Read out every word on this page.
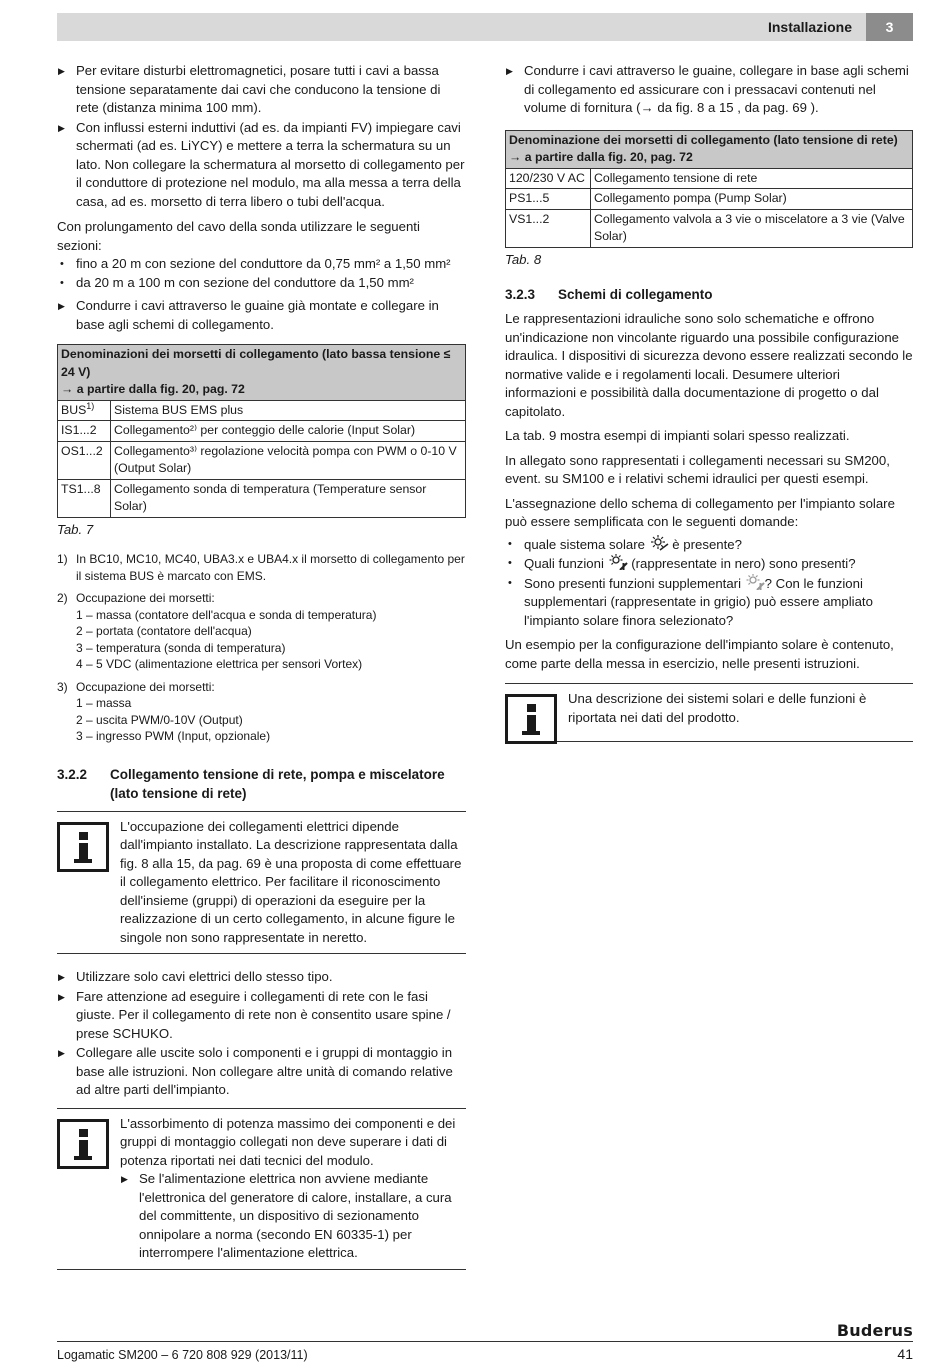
Installazione	3

▶ Per evitare disturbi elettromagnetici, posare tutti i cavi a bassa tensione separatamente dai cavi che conducono la tensione di rete (distanza minima 100 mm).

▶ Con influssi esterni induttivi (ad es. da impianti FV) impiegare cavi schermati (ad es. LiYCY) e mettere a terra la schermatura su un lato. Non collegare la schermatura al morsetto di collegamento per il conduttore di protezione nel modulo, ma alla messa a terra della casa, ad es. morsetto di terra libero o tubi dell'acqua.

Con prolungamento del cavo della sonda utilizzare le seguenti sezioni:

• fino a 20 m con sezione del conduttore da 0,75 mm² a 1,50 mm²

• da 20 m a 100 m con sezione del conduttore da 1,50 mm²

▶ Condurre i cavi attraverso le guaine già montate e collegare in base agli schemi di collegamento.

Denominazioni dei morsetti di collegamento (lato bassa tensione ≤ 24 V)
→ a partire dalla fig. 20, pag. 72	

BUS$^{1)}$	Sistema BUS EMS plus
IS1...2	Collegamento²⁾ per conteggio delle calorie (Input Solar)
OS1...2	Collegamento³⁾ regolazione velocità pompa con PWM o 0-10 V (Output Solar)
TS1...8	Collegamento sonda di temperatura (Temperature sensor Solar)
Tab. 7
1) In BC10, MC10, MC40, UBA3.x e UBA4.x il morsetto di collegamento per il sistema BUS è marcato con EMS.
2) Occupazione dei morsetti:
1 – massa (contatore dell'acqua e sonda di temperatura)
2 – portata (contatore dell'acqua)
3 – temperatura (sonda di temperatura)
4 – 5 VDC (alimentazione elettrica per sensori Vortex)
3) Occupazione dei morsetti:
1 – massa
2 – uscita PWM/0-10V (Output)
3 – ingresso PWM (Input, opzionale)
3.2.2 Collegamento tensione di rete, pompa e miscelatore (lato tensione di rete)

L'occupazione dei collegamenti elettrici dipende dall'impianto installato. La descrizione rappresentata dalla fig. 8 alla 15, da pag. 69 è una proposta di come effettuare il collegamento elettrico. Per facilitare il riconoscimento dell'insieme (gruppi) di operazioni da eseguire per la realizzazione di un certo collegamento, in alcune figure le singole non sono rappresentate in neretto.

▶ Utilizzare solo cavi elettrici dello stesso tipo.

▶ Fare attenzione ad eseguire i collegamenti di rete con le fasi giuste. Per il collegamento di rete non è consentito usare spine / prese SCHUKO.

▶ Collegare alle uscite solo i componenti e i gruppi di montaggio in base alle istruzioni. Non collegare altre unità di comando relative ad altre parti dell'impianto.

L'assorbimento di potenza massimo dei componenti e dei gruppi di montaggio collegati non deve superare i dati di potenza riportati nei dati tecnici del modulo.

▶ Se l'alimentazione elettrica non avviene mediante l'elettronica del generatore di calore, installare, a cura del committente, un dispositivo di sezionamento onnipolare a norma (secondo EN 60335-1) per interrompere l'alimentazione elettrica.

▶ Condurre i cavi attraverso le guaine, collegare in base agli schemi di collegamento ed assicurare con i pressacavi contenuti nel volume di fornitura (→ da fig. 8 a 15 , da pag. 69 ).

Denominazione dei morsetti di collegamento (lato tensione di rete)
→ a partire dalla fig. 20, pag. 72	

120/230 V AC	Collegamento tensione di rete
PS1...5	Collegamento pompa (Pump Solar)
VS1...2	Collegamento valvola a 3 vie o miscelatore a 3 vie (Valve Solar)
Tab. 8
3.2.3 Schemi di collegamento

Le rappresentazioni idrauliche sono solo schematiche e offrono un'indicazione non vincolante riguardo una possibile configurazione idraulica. I dispositivi di sicurezza devono essere realizzati secondo le normative valide e i regolamenti locali. Desumere ulteriori informazioni e possibilità dalla documentazione di progetto o dal capitolato.

La tab. 9 mostra esempi di impianti solari spesso realizzati.

In allegato sono rappresentati i collegamenti necessari su SM200, event. su SM100 e i relativi schemi idraulici per questi esempi.

L'assegnazione dello schema di collegamento per l'impianto solare può essere semplificata con le seguenti domande:

• quale sistema solare è presente?

• Quali funzioni (rappresentate in nero) sono presenti?

• Sono presenti funzioni supplementari ? Con le funzioni supplementari (rappresentate in grigio) può essere ampliato l'impianto solare finora selezionato?

Un esempio per la configurazione dell'impianto solare è contenuto, come parte della messa in esercizio, nelle presenti istruzioni.

Una descrizione dei sistemi solari e delle funzioni è riportata nei dati del prodotto.

Buderus
Logamatic SM200 – 6 720 808 929 (2013/11)	41
